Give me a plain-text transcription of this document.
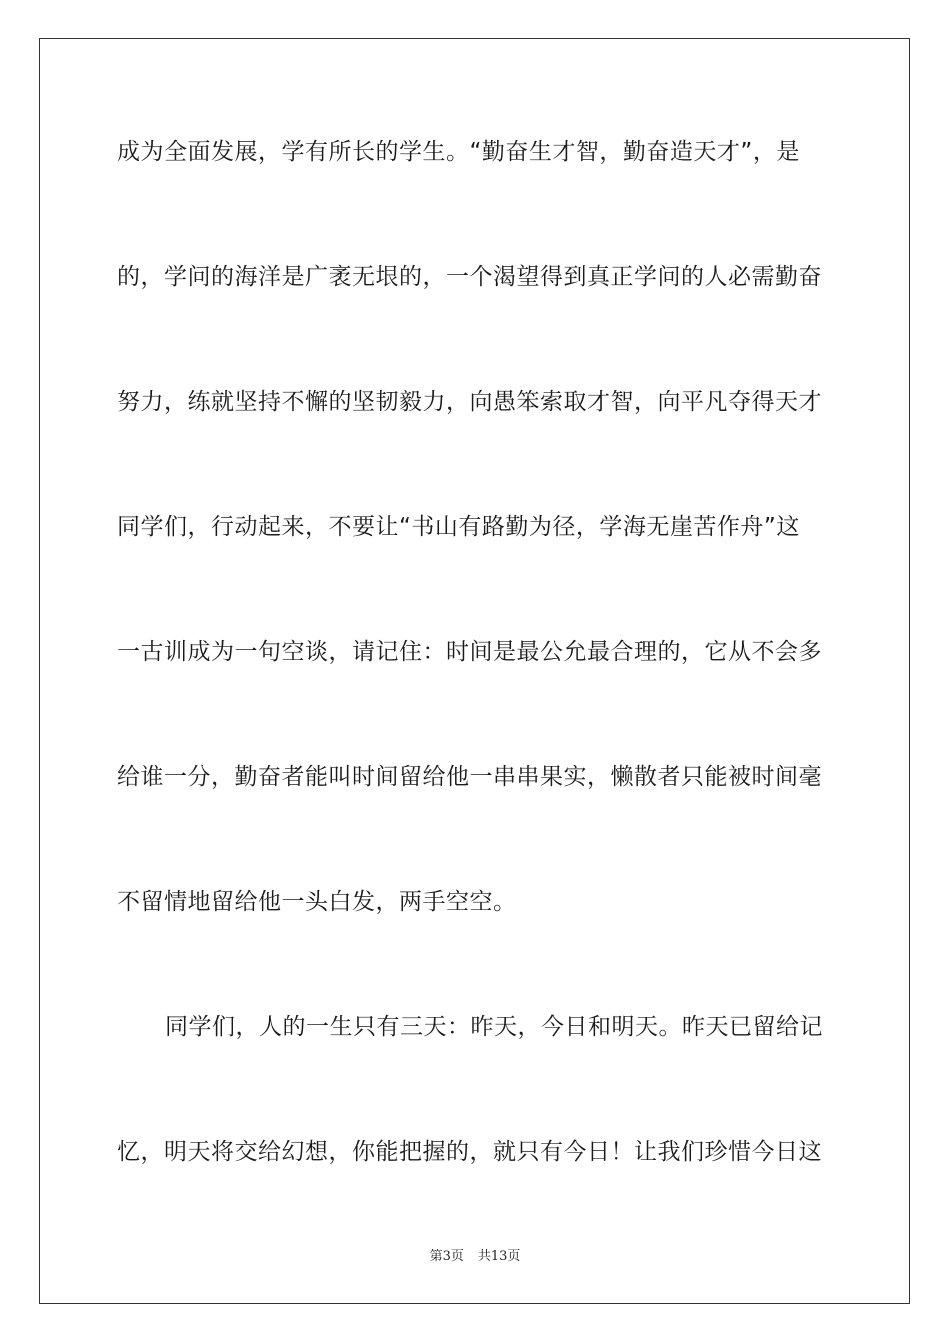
成为全面发展，学有所长的学生。“勤奋生才智，勤奋造天才”，是
的，学问的海洋是广袤无垠的，一个渴望得到真正学问的人必需勤奋
努力，练就坚持不懈的坚韧毅力，向愚笨索取才智，向平凡夺得天才
同学们，行动起来，不要让“书山有路勤为径，学海无崖苦作舟”这
一古训成为一句空谈，请记住：时间是最公允最合理的，它从不会多
给谁一分，勤奋者能叫时间留给他一串串果实，懒散者只能被时间毫
不留情地留给他一头白发，两手空空。
同学们，人的一生只有三天：昨天，今日和明天。昨天已留给记
忆，明天将交给幻想，你能把握的，就只有今日！让我们珍惜今日这
第3页 共13页
